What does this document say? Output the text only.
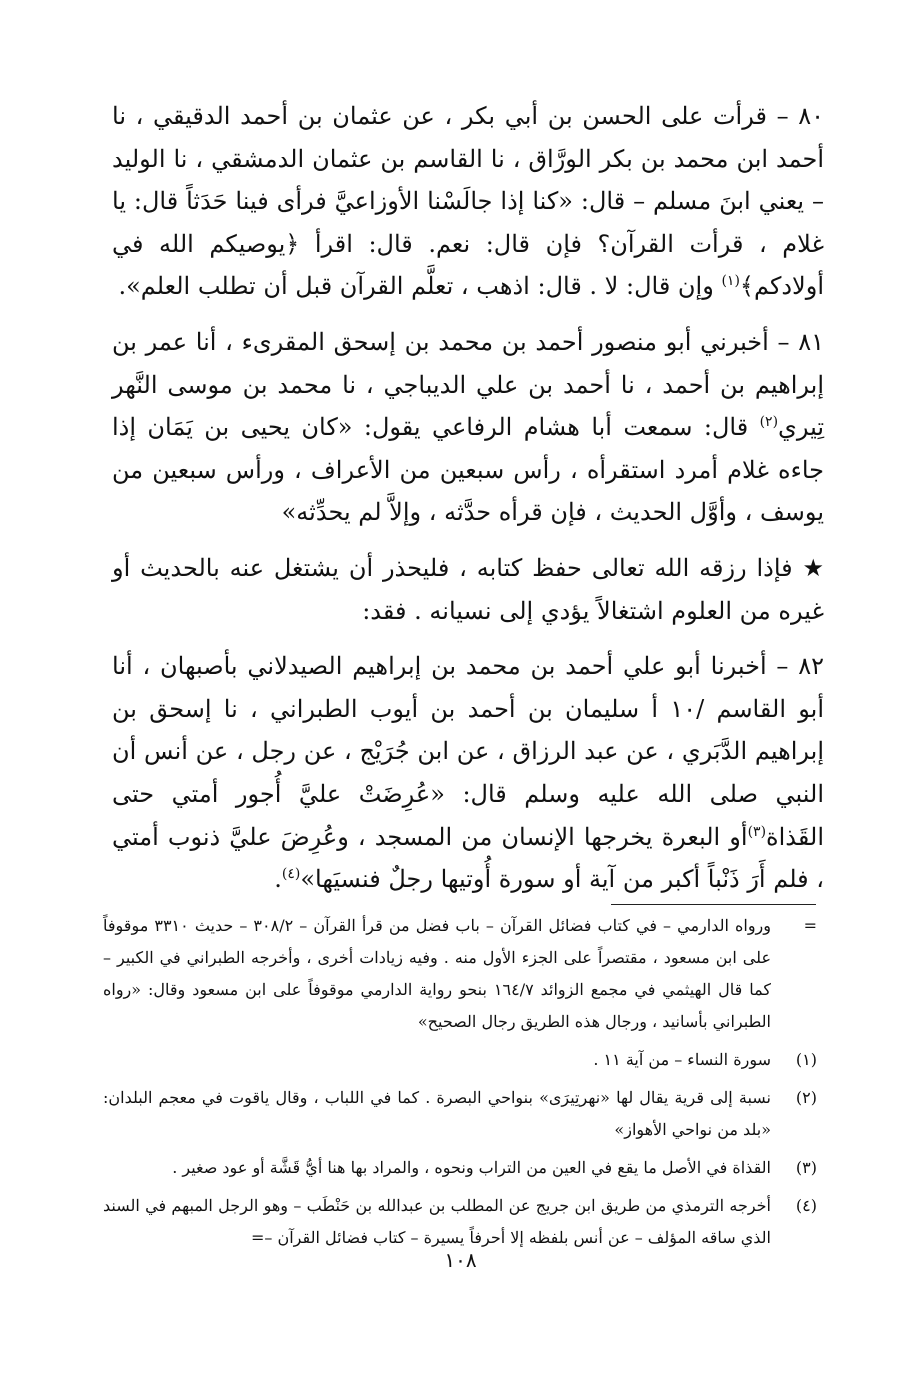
٨٠ – قرأت على الحسن بن أبي بكر ، عن عثمان بن أحمد الدقيقي ، نا أحمد ابن محمد بن بكر الورَّاق ، نا القاسم بن عثمان الدمشقي ، نا الوليد – يعني ابنَ مسلم – قال: «كنا إذا جالَسْنا الأوزاعيَّ فرأى فينا حَدَثاً قال: يا غلام ، قرأت القرآن؟ فإن قال: نعم. قال: اقرأ ﴿يوصيكم الله في أولادكم﴾$^{(١)}$ وإن قال: لا . قال: اذهب ، تعلَّم القرآن قبل أن تطلب العلم».

٨١ – أخبرني أبو منصور أحمد بن محمد بن إسحق المقرىء ، أنا عمر بن إبراهيم بن أحمد ، نا أحمد بن علي الديباجي ، نا محمد بن موسى النَّهر تِيري$^{(٢)}$ قال: سمعت أبا هشام الرفاعي يقول: «كان يحيى بن يَمَان إذا جاءه غلام أمرد استقرأه ، رأس سبعين من الأعراف ، ورأس سبعين من يوسف ، وأوَّل الحديث ، فإن قرأه حدَّثه ، وإلاَّ لم يحدِّثه»

★ فإذا رزقه الله تعالى حفظ كتابه ، فليحذر أن يشتغل عنه بالحديث أو غيره من العلوم اشتغالاً يؤدي إلى نسيانه . فقد:

٨٢ – أخبرنا أبو علي أحمد بن محمد بن إبراهيم الصيدلاني بأصبهان ، أنا أبو القاسم /١٠ أ سليمان بن أحمد بن أيوب الطبراني ، نا إسحق بن إبراهيم الدَّبَري ، عن عبد الرزاق ، عن ابن جُرَيْج ، عن رجل ، عن أنس أن النبي صلى الله عليه وسلم قال: «عُرِضَتْ عليَّ أُجور أمتي حتى القَذاة$^{(٣)}$أو البعرة يخرجها الإنسان من المسجد ، وعُرِضَ عليَّ ذنوب أمتي ، فلم أَرَ ذَنْباً أكبر من آية أو سورة أُوتيها رجلٌ فنسيَها»$^{(٤)}$.

=
ورواه الدارمي – في كتاب فضائل القرآن – باب فضل من قرأ القرآن – ٣٠٨/٢ – حديث ٣٣١٠ موقوفاً على ابن مسعود ، مقتصراً على الجزء الأول منه . وفيه زيادات أخرى ، وأخرجه الطبراني في الكبير – كما قال الهيثمي في مجمع الزوائد ١٦٤/٧ بنحو رواية الدارمي موقوفاً على ابن مسعود وقال: «رواه الطبراني بأسانيد ، ورجال هذه الطريق رجال الصحيح»
(١)
سورة النساء – من آية ١١ .
(٢)
نسبة إلى قرية يقال لها «نهرتِيرَى» بنواحي البصرة . كما في اللباب ، وقال ياقوت في معجم البلدان: «بلد من نواحي الأهواز»
(٣)
القذاة في الأصل ما يقع في العين من التراب ونحوه ، والمراد بها هنا أيُّ قَشَّة أو عود صغير .
(٤)
أخرجه الترمذي من طريق ابن جريج عن المطلب بن عبدالله بن حَنْطَب – وهو الرجل المبهم في السند الذي ساقه المؤلف – عن أنس بلفظه إلا أحرفاً يسيرة – كتاب فضائل القرآن –=
١٠٨
